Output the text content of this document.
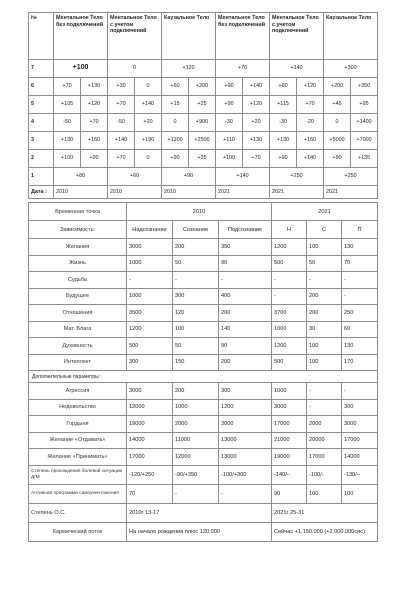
№	Ментальное Тело без подключений		Ментальное Тело с учетом подключений		Каузальное Тело		Ментальное Тело без подключений		Ментальное Тело с учетом подключений		Каузальное Тело	
7	+100		0		+120		+70		+140		+300	
6	+70	+130	+30	0	+60	+200	+90	+140	+60	+120	+200	+350
5	+105	+120	+70	+140	+15	+25	+90	+120	+115	+70	+45	+95
4	-50	+70	-50	+20	0	+900	-30	+20	-30	-20	0	+1400
3	+130	+160	+140	+190	+1200	+2500	+110	+130	+130	+160	+5000	+7000
2	+100	+90	+70	0	+90	+35	+100	+70	+90	+140	+90	+135
1	+80		+60		+90		+140		+250		+250	
Дата :	2010		2010		2010		2021		2021		2021	
Временная точка	2010			2021		
Зависимость:	Надсознание	Сознание	Подсознание	Н	С	П
Желания	3000	200	350	1200	100	130
Жизнь	1000	50	90	500	50	70
Судьба	-	-	-	-	-	-
Будущее	1000	300	400	-	200	-
Отношения	3500	120	200	3700	200	250
Мат. Блага	1200	100	140	1000	30	60
Духовность	500	50	90	1200	100	130
Интеллект	300	150	200	500	100	170
Дополнительные параметры :						
Агрессия	3000	200	300	1000	-	-
Недовольство	12000	1000	1200	3000	-	300
Гордыня	19000	2000	3000	17000	2000	3000
Желание «Отдавать»	14000	11000	13000	21000	20000	17000
Желание «Принимать»	17000	12000	13000	19000	17000	14000
Степень прохождения болевой ситуации Д/М	-120/+250	-90/+350	-100/+300	-140/--	-100/-	-130/--
Антивная программа самоуничтожения	70	-	-	90	100	100
Степень О.С.	2010г 13-17			2021г 25-31		
Кармический поток	На начало рождения плюс 120.000			Сейчас +1.150.000 (+2.000.000сис)		
